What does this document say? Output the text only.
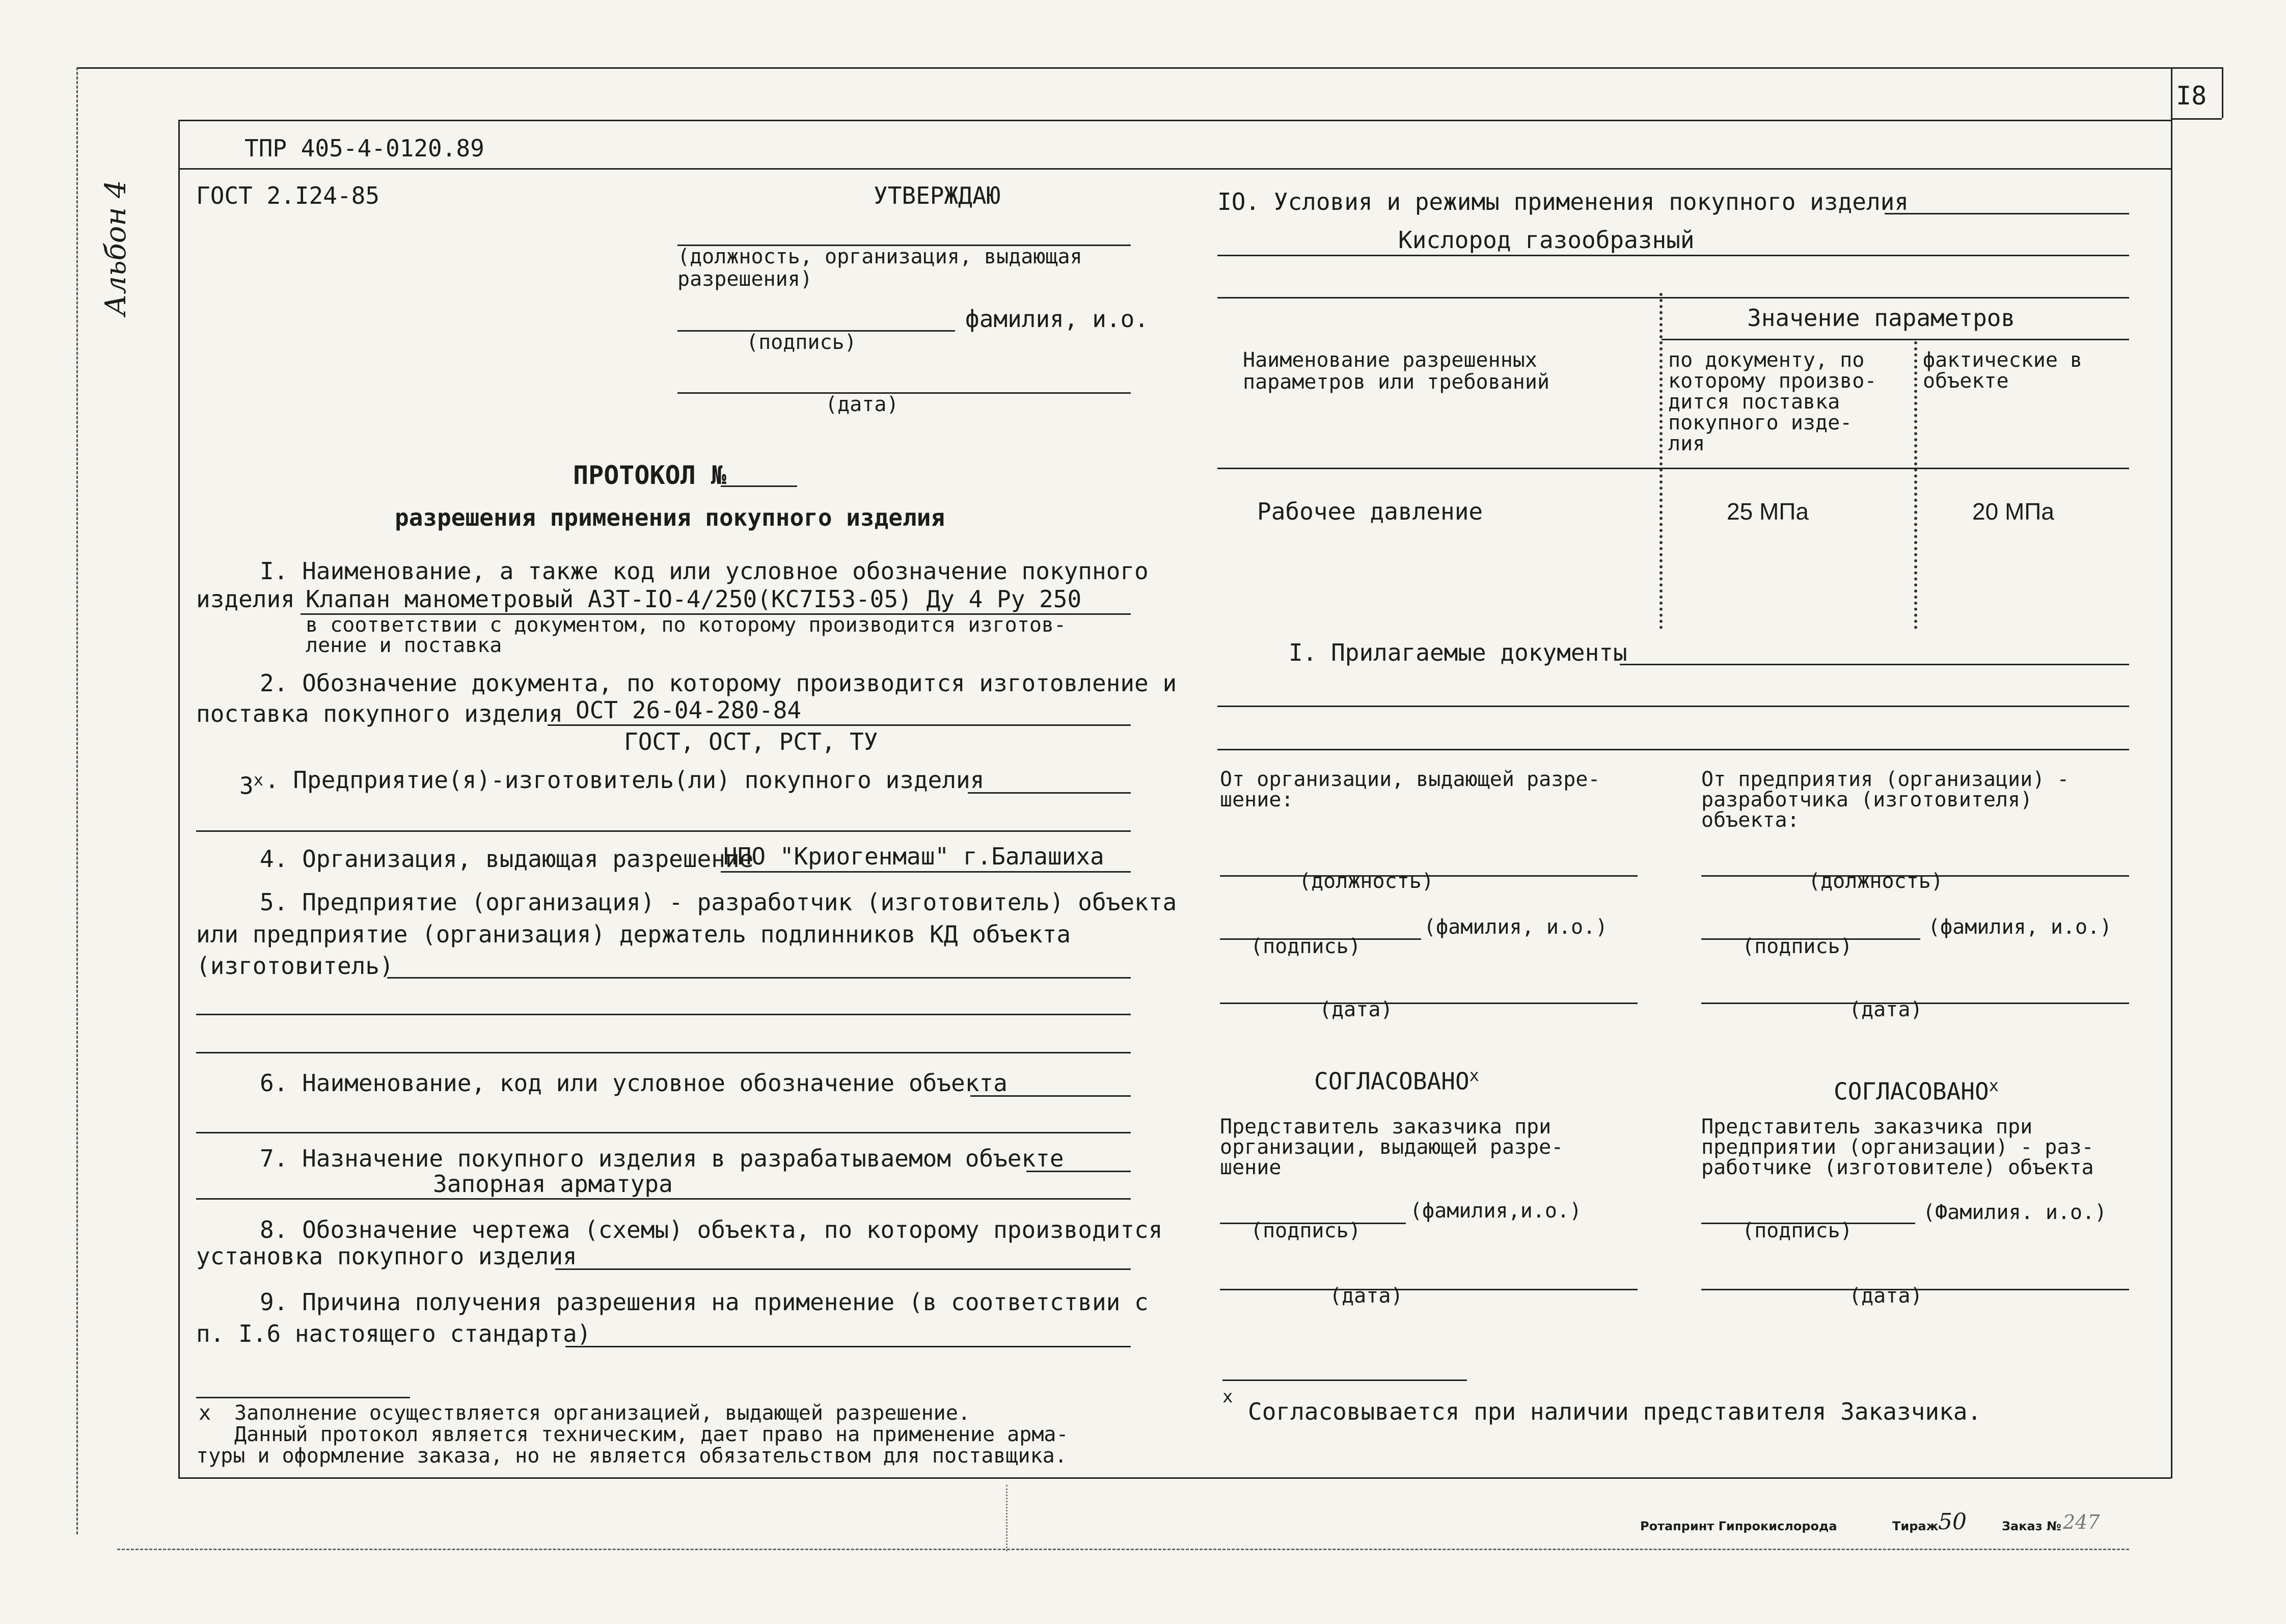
I8
Альбон 4
ТПР 405-4-0120.89
ГОСТ 2.I24-85	УТВЕРЖДАЮ
(должность, организация, выдающая разрешения)
фамилия, и.о.
(подпись)
(дата)
ПРОТОКОЛ №
разрешения применения покупного изделия
I. Наименование, а также код или условное обозначение покупного
изделия Клапан манометровый АЗТ-IO-4/250(КС7I53-05) Ду 4 Ру 250
в соответствии с документом, по которому производится изготов-
ление и поставка
2. Обозначение документа, по которому производится изготовление и
поставка покупного изделия ОСТ 26-04-280-84
ГОСТ, ОСТ, РСТ, ТУ
3$^x$ . Предприятие(я)-изготовитель(ли) покупного изделия
4. Организация, выдающая разрешение
НПО "Криогенмаш" г.Балашиха
5. Предприятие (организация) - разработчик (изготовитель) объекта
или предприятие (организация) держатель подлинников КД объекта
(изготовитель)
6. Наименование, код или условное обозначение объекта
7. Назначение покупного изделия в разрабатываемом объекте
Запорная арматура
8. Обозначение чертежа (схемы) объекта, по которому производится
установка покупного изделия
9. Причина получения разрешения на применение (в соответствии с
п. I.6 настоящего стандарта)
x Заполнение осуществляется организацией, выдающей разрешение.
Данный протокол является техническим, дает право на применение арма-
туры и оформление заказа, но не является обязательством для поставщика.
IO. Условия и режимы применения покупного изделия
Кислород газообразный
Значение параметров
Наименование разрешенных
параметров или требований
по документу, по
которому произво-
дится поставка
покупного изде-
лия
фактические в
объекте
Рабочее давление	25 МПа	20 МПа
I. Прилагаемые документы
От организации, выдающей разре-
шение:
От предприятия (организации) -
разработчика (изготовителя)
объекта:
(должность)	(должность)
(фамилия, и.о.)
(подпись)
(фамилия, и.о.)
(подпись)
(дата)	(дата)
СОГЛАСОВАНО$^x$
СОГЛАСОВАНО$^x$
Представитель заказчика при
организации, выдающей разре-
шение
Представитель заказчика при
предприятии (организации) - раз-
работчике (изготовителе) объекта
(фамилия,и.о.)
(подпись)
(Фамилия. и.о.)
(подпись)
(дата)	(дата)
x
Согласовывается при наличии представителя Заказчика.
Ротапринт Гипрокислорода	Тираж 50	Заказ № 247
